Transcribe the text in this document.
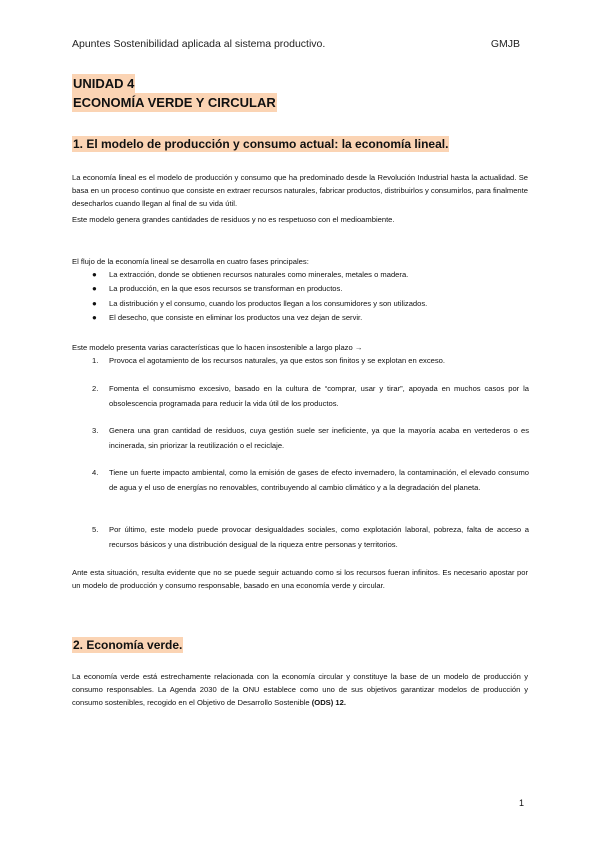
Apuntes Sostenibilidad aplicada al sistema productivo.	GMJB
UNIDAD 4
ECONOMÍA VERDE Y CIRCULAR
1. El modelo de producción y consumo actual: la economía lineal.

La economía lineal es el modelo de producción y consumo que ha predominado desde la Revolución Industrial hasta la actualidad. Se basa en un proceso continuo que consiste en extraer recursos naturales, fabricar productos, distribuirlos y consumirlos, para finalmente desecharlos cuando llegan al final de su vida útil.

Este modelo genera grandes cantidades de residuos y no es respetuoso con el medioambiente.

El flujo de la economía lineal se desarrolla en cuatro fases principales:

● La extracción, donde se obtienen recursos naturales como minerales, metales o madera.
● La producción, en la que esos recursos se transforman en productos.
● La distribución y el consumo, cuando los productos llegan a los consumidores y son utilizados.
● El desecho, que consiste en eliminar los productos una vez dejan de servir.

Este modelo presenta varias características que lo hacen insostenible a largo plazo →

1. Provoca el agotamiento de los recursos naturales, ya que estos son finitos y se explotan en exceso.
2. Fomenta el consumismo excesivo, basado en la cultura de “comprar, usar y tirar”, apoyada en muchos casos por la obsolescencia programada para reducir la vida útil de los productos.
3. Genera una gran cantidad de residuos, cuya gestión suele ser ineficiente, ya que la mayoría acaba en vertederos o es incinerada, sin priorizar la reutilización o el reciclaje.
4. Tiene un fuerte impacto ambiental, como la emisión de gases de efecto invernadero, la contaminación, el elevado consumo de agua y el uso de energías no renovables, contribuyendo al cambio climático y a la degradación del planeta.
5. Por último, este modelo puede provocar desigualdades sociales, como explotación laboral, pobreza, falta de acceso a recursos básicos y una distribución desigual de la riqueza entre personas y territorios.

Ante esta situación, resulta evidente que no se puede seguir actuando como si los recursos fueran infinitos. Es necesario apostar por un modelo de producción y consumo responsable, basado en una economía verde y circular.

2. Economía verde.

La economía verde está estrechamente relacionada con la economía circular y constituye la base de un modelo de producción y consumo responsables. La Agenda 2030 de la ONU establece como uno de sus objetivos garantizar modelos de producción y consumo sostenibles, recogido en el Objetivo de Desarrollo Sostenible (ODS) 12.

1
